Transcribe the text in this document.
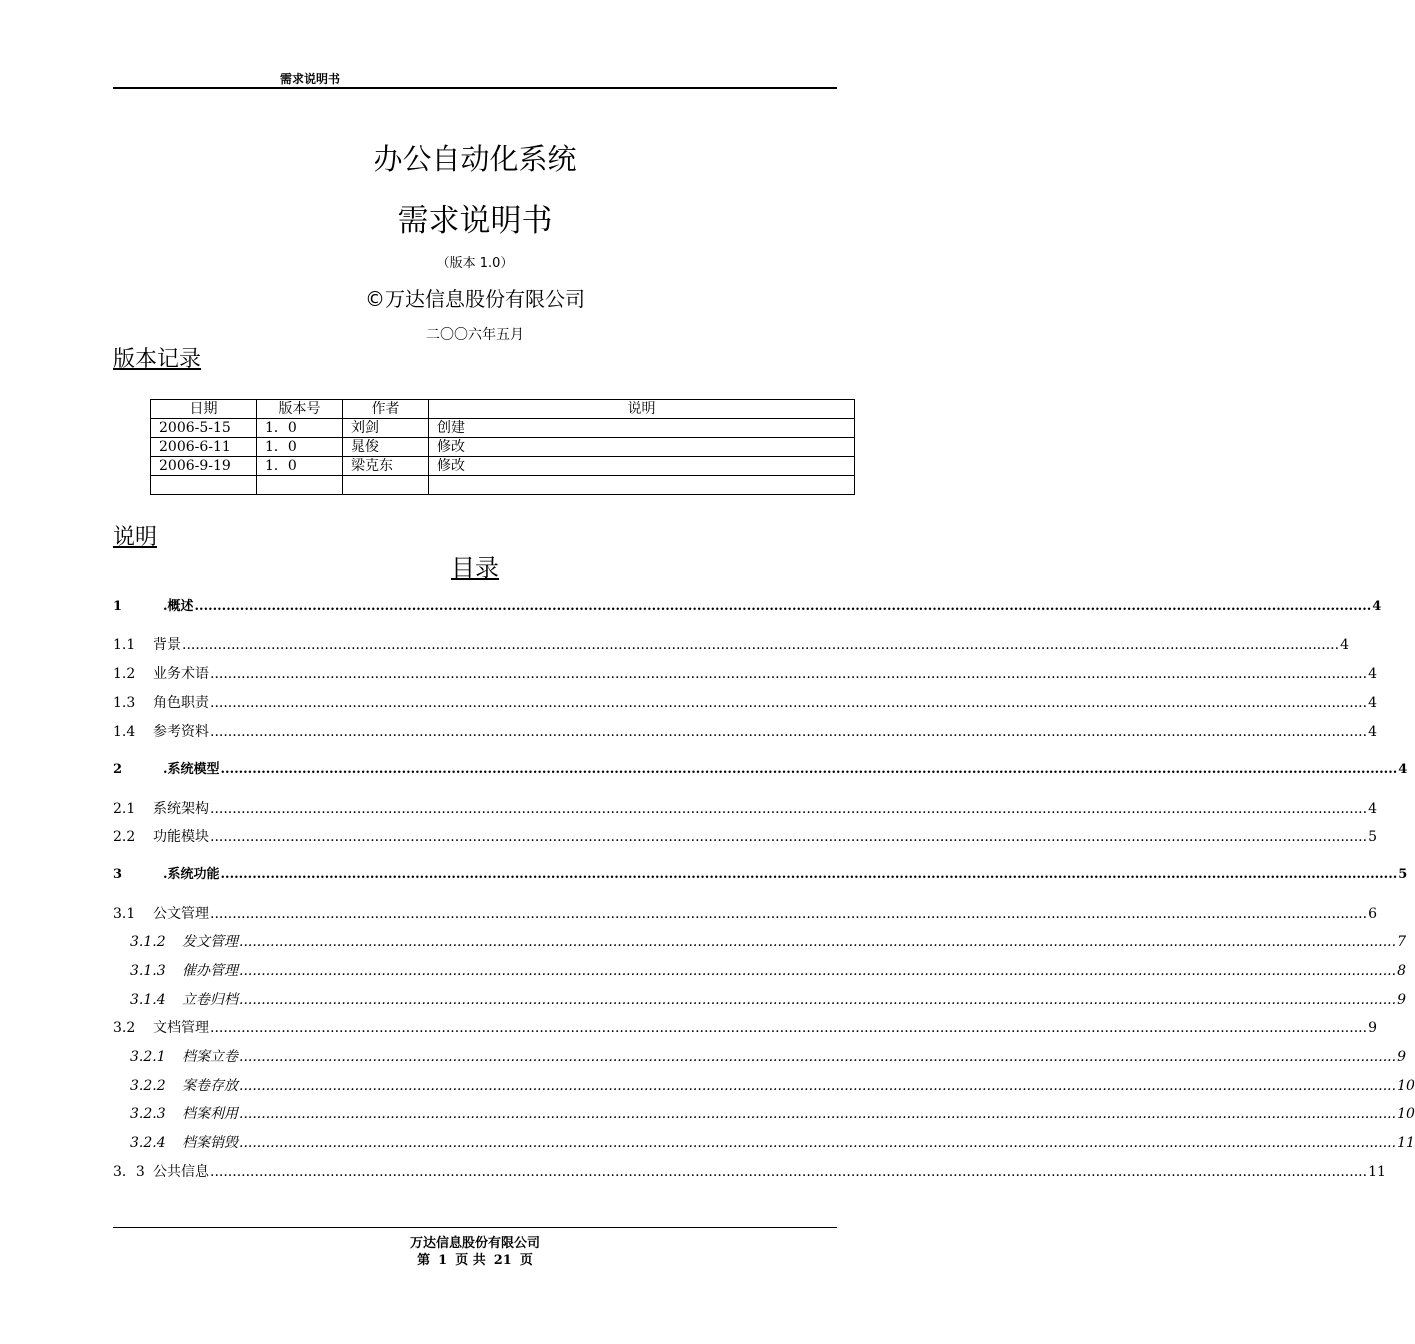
需求说明书
办公自动化系统
需求说明书
（版本 1.0）
©万达信息股份有限公司
二〇〇六年五月
版本记录
日期	版本号	作者	说明
2006-5-15	1．0	刘剑	创建
2006-6-11	1．0	晁俊	修改
2006-9-19	1．0	梁克东	修改

说明
目录
1	.概述 .................................................................................................................................................................................................................................................................... 4
1.1	背景 .................................................................................................................................................................................................................................................................... 4
1.2	业务术语 .................................................................................................................................................................................................................................................................... 4
1.3	角色职责 .................................................................................................................................................................................................................................................................... 4
1.4	参考资料 .................................................................................................................................................................................................................................................................... 4
2	.系统模型 .................................................................................................................................................................................................................................................................... 4
2.1	系统架构 .................................................................................................................................................................................................................................................................... 4
2.2	功能模块 .................................................................................................................................................................................................................................................................... 5
3	.系统功能 .................................................................................................................................................................................................................................................................... 5
3.1	公文管理 .................................................................................................................................................................................................................................................................... 6
3.1.2	发文管理 .................................................................................................................................................................................................................................................................... 7
3.1.3	催办管理 .................................................................................................................................................................................................................................................................... 8
3.1.4	立卷归档 .................................................................................................................................................................................................................................................................... 9
3.2	文档管理 .................................................................................................................................................................................................................................................................... 9
3.2.1	档案立卷 .................................................................................................................................................................................................................................................................... 9
3.2.2	案卷存放 .................................................................................................................................................................................................................................................................... 10
3.2.3	档案利用 .................................................................................................................................................................................................................................................................... 10
3.2.4	档案销毁 .................................................................................................................................................................................................................................................................... 11
3．3 公共信息 .................................................................................................................................................................................................................................................................... 11
万达信息股份有限公司
第 1 页 共 21 页
